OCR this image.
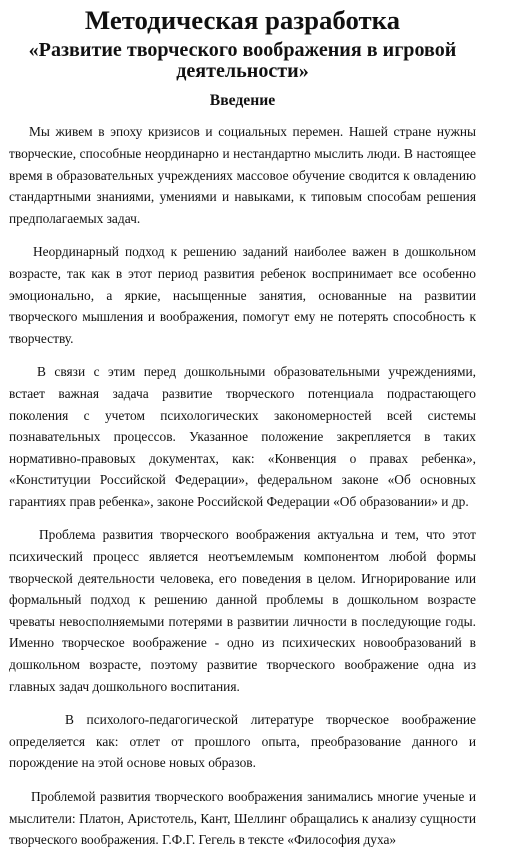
Методическая разработка
«Развитие творческого воображения в игровой деятельности»
Введение

Мы живем в эпоху кризисов и социальных перемен. Нашей стране нужны творческие, способные неординарно и нестандартно мыслить люди. В настоящее время в образовательных учреждениях массовое обучение сводится к овладению стандартными знаниями, умениями и навыками, к типовым способам решения предполагаемых задач.

Неординарный подход к решению заданий наиболее важен в дошкольном возрасте, так как в этот период развития ребенок воспринимает все особенно эмоционально, а яркие, насыщенные занятия, основанные на развитии творческого мышления и воображения, помогут ему не потерять способность к творчеству.

В связи с этим перед дошкольными образовательными учреждениями, встает важная задача развитие творческого потенциала подрастающего поколения с учетом психологических закономерностей всей системы познавательных процессов. Указанное положение закрепляется в таких нормативно-правовых документах, как: «Конвенция о правах ребенка», «Конституции Российской Федерации», федеральном законе «Об основных гарантиях прав ребенка», законе Российской Федерации «Об образовании» и др.

Проблема развития творческого воображения актуальна и тем, что этот психический процесс является неотъемлемым компонентом любой формы творческой деятельности человека, его поведения в целом. Игнорирование или формальный подход к решению данной проблемы в дошкольном возрасте чреваты невосполняемыми потерями в развитии личности в последующие годы. Именно творческое воображение - одно из психических новообразований в дошкольном возрасте, поэтому развитие творческого воображение одна из главных задач дошкольного воспитания.

В психолого-педагогической литературе творческое воображение определяется как: отлет от прошлого опыта, преобразование данного и порождение на этой основе новых образов.

Проблемой развития творческого воображения занимались многие ученые и мыслители: Платон, Аристотель, Кант, Шеллинг обращались к анализу сущности творческого воображения. Г.Ф.Г. Гегель в тексте «Философия духа»
